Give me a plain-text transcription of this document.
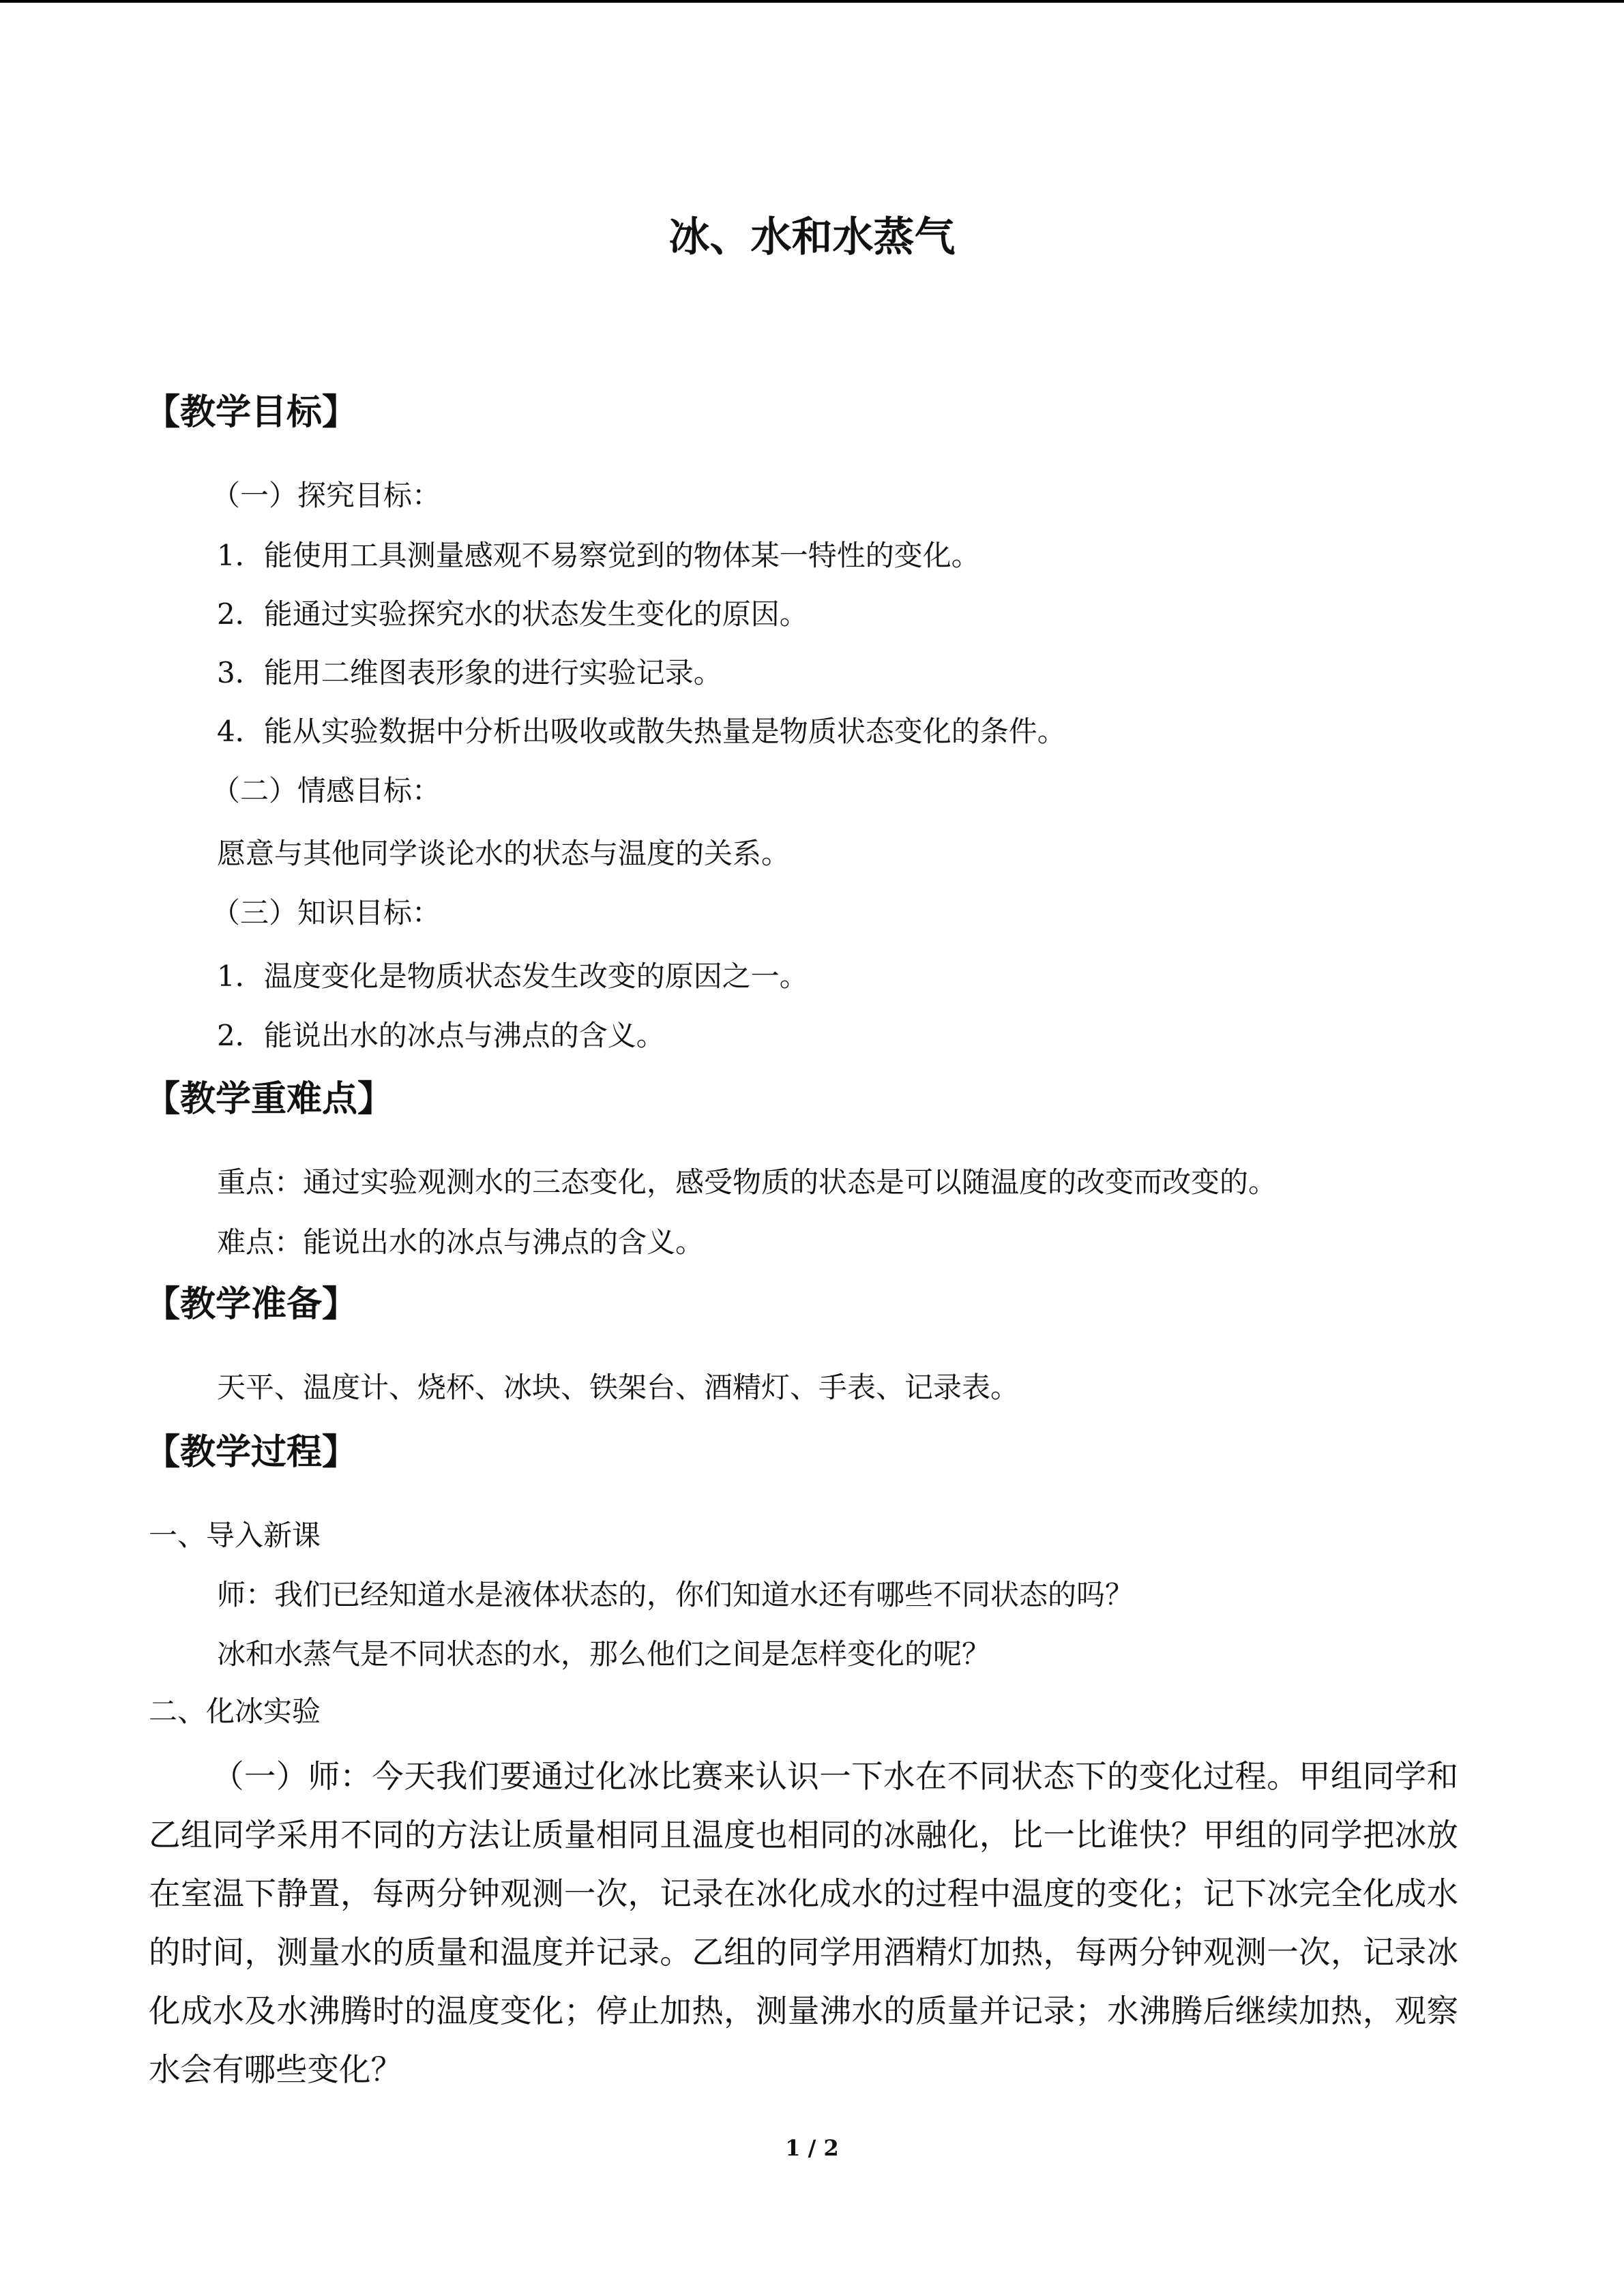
冰、水和水蒸气
【教学目标】
（一）探究目标：
1．能使用工具测量感观不易察觉到的物体某一特性的变化。
2．能通过实验探究水的状态发生变化的原因。
3．能用二维图表形象的进行实验记录。
4．能从实验数据中分析出吸收或散失热量是物质状态变化的条件。
（二）情感目标：
愿意与其他同学谈论水的状态与温度的关系。
（三）知识目标：
1．温度变化是物质状态发生改变的原因之一。
2．能说出水的冰点与沸点的含义。
【教学重难点】
重点：通过实验观测水的三态变化，感受物质的状态是可以随温度的改变而改变的。
难点：能说出水的冰点与沸点的含义。
【教学准备】
天平、温度计、烧杯、冰块、铁架台、酒精灯、手表、记录表。
【教学过程】
一、导入新课
师：我们已经知道水是液体状态的，你们知道水还有哪些不同状态的吗？
冰和水蒸气是不同状态的水，那么他们之间是怎样变化的呢？
二、化冰实验

（一）师：今天我们要通过化冰比赛来认识一下水在不同状态下的变化过程。甲组同学和乙组同学采用不同的方法让质量相同且温度也相同的冰融化，比一比谁快？甲组的同学把冰放在室温下静置，每两分钟观测一次，记录在冰化成水的过程中温度的变化；记下冰完全化成水的时间，测量水的质量和温度并记录。乙组的同学用酒精灯加热，每两分钟观测一次，记录冰化成水及水沸腾时的温度变化；停止加热，测量沸水的质量并记录；水沸腾后继续加热，观察水会有哪些变化？

1 / 2
